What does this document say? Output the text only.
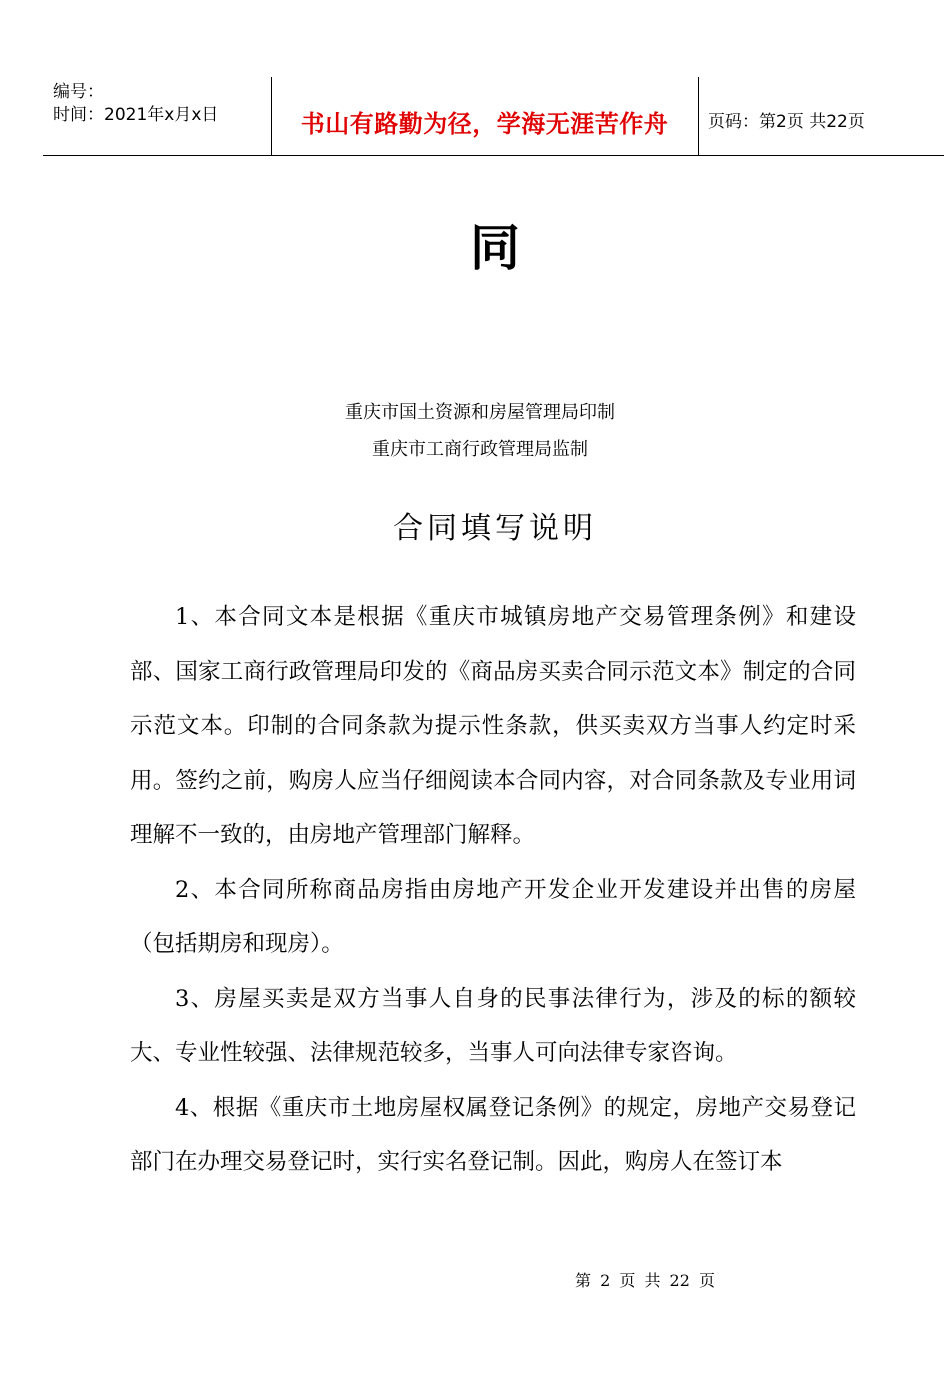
编号：
时间：2021年x月x日	书山有路勤为径，学海无涯苦作舟	页码：第2页 共22页
同
重庆市国土资源和房屋管理局印制
重庆市工商行政管理局监制
合同填写说明

1、本合同文本是根据《重庆市城镇房地产交易管理条例》和建设部、国家工商行政管理局印发的《商品房买卖合同示范文本》制定的合同示范文本。印制的合同条款为提示性条款，供买卖双方当事人约定时采用。签约之前，购房人应当仔细阅读本合同内容，对合同条款及专业用词理解不一致的，由房地产管理部门解释。

2、本合同所称商品房指由房地产开发企业开发建设并出售的房屋（包括期房和现房）。

3、房屋买卖是双方当事人自身的民事法律行为，涉及的标的额较大、专业性较强、法律规范较多，当事人可向法律专家咨询。

4、根据《重庆市土地房屋权属登记条例》的规定，房地产交易登记部门在办理交易登记时，实行实名登记制。因此，购房人在签订本

第 2 页 共 22 页
